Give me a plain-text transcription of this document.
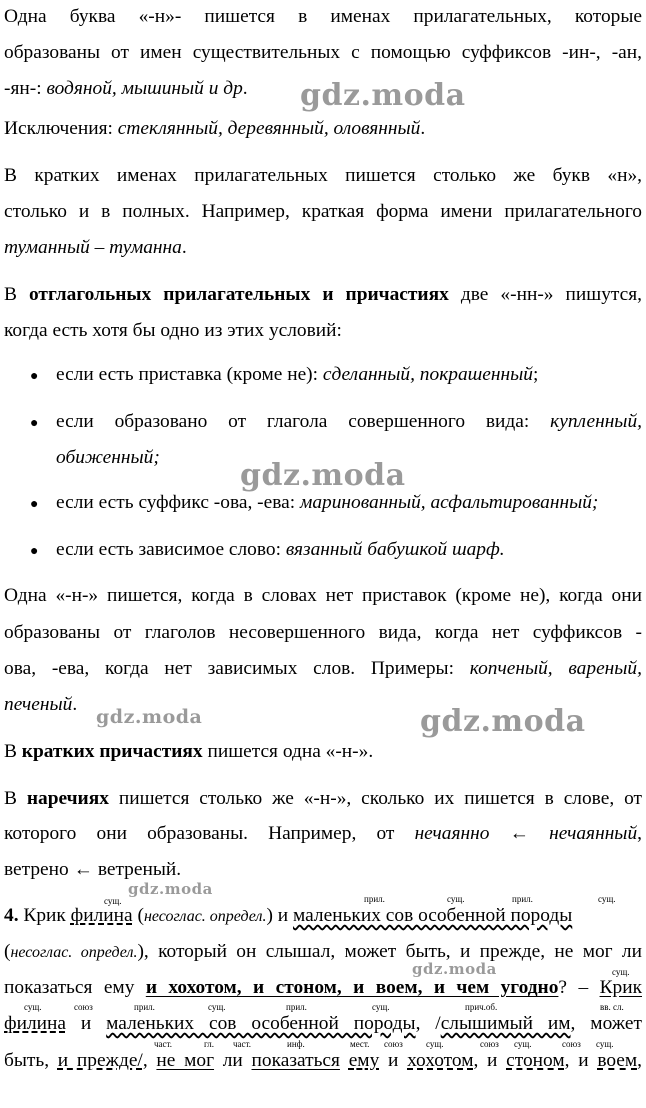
Одна буква «-н»- пишется в именах прилагательных, которые
образованы от имен существительных с помощью суффиксов -ин-, -ан,
-ян-: водяной, мышиный и др.
Исключения: стеклянный, деревянный, оловянный.
В кратких именах прилагательных пишется столько же букв «н»,
столько и в полных. Например, краткая форма имени прилагательного
туманный – туманна.
В отглагольных прилагательных и причастиях две «-нн-» пишутся,
когда есть хотя бы одно из этих условий:
● если есть приставка (кроме не): сделанный, покрашенный;
● если образовано от глагола совершенного вида: купленный,
обиженный;
● если есть суффикс -ова, -ева: маринованный, асфальтированный;
● если есть зависимое слово: вязанный бабушкой шарф.
Одна «-н-» пишется, когда в словах нет приставок (кроме не), когда они
образованы от глаголов несовершенного вида, когда нет суффиксов -
ова, -ева, когда нет зависимых слов. Примеры: копченый, вареный,
печеный.
В кратких причастиях пишется одна «-н-».
В наречиях пишется столько же «-н-», сколько их пишется в слове, от
которого они образованы. Например, от нечаянно ← нечаянный,
ветрено ← ветреный.
сущ.	прил.	сущ.	прил.	сущ.
4. Крик филина (несоглас. определ.) и маленьких сов особенной породы
(несоглас. определ.), который он слышал, может быть, и прежде, не мог ли
сущ.
показаться ему и хохотом, и стоном, и воем, и чем угодно? – Крик
сущ.	союз	прил.	сущ.	прил.	сущ.	прич.об.	вв. сл.
филина и маленьких сов особенной породы, /слышимый им, может
част.	гл. част.	инф.	мест. союз	сущ.	союз сущ.	союз сущ.
быть, и прежде/, не мог ли показаться ему и хохотом, и стоном, и воем,
gdz.moda
gdz.moda
gdz.moda	gdz.moda
gdz.moda
gdz.moda
